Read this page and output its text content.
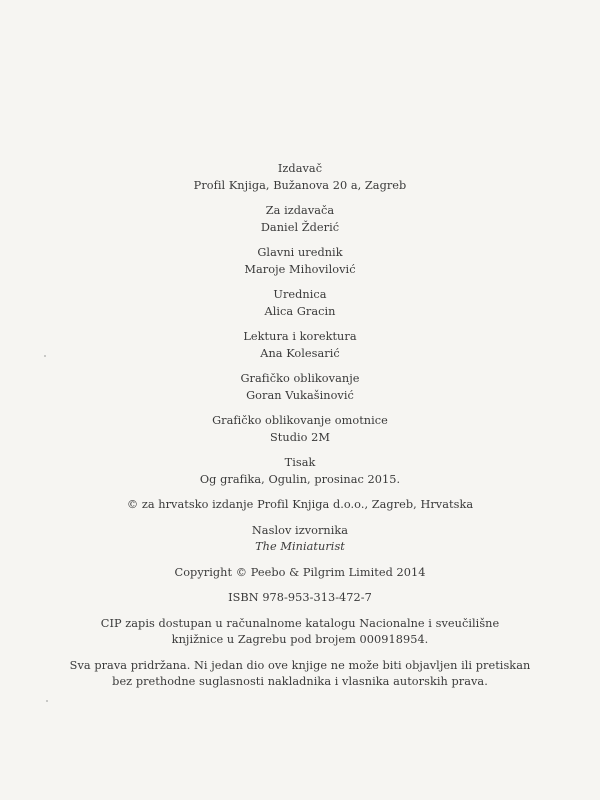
Izdavač
Profil Knjiga, Bužanova 20 a, Zagreb
Za izdavača
Daniel Žderić
Glavni urednik
Maroje Mihovilović
Urednica
Alica Gracin
Lektura i korektura
Ana Kolesarić
Grafičko oblikovanje
Goran Vukašinović
Grafičko oblikovanje omotnice
Studio 2M
Tisak
Og grafika, Ogulin, prosinac 2015.
© za hrvatsko izdanje Profil Knjiga d.o.o., Zagreb, Hrvatska
Naslov izvornika
The Miniaturist
Copyright © Peebo & Pilgrim Limited 2014
ISBN 978-953-313-472-7
CIP zapis dostupan u računalnome katalogu Nacionalne i sveučilišne
knjižnice u Zagrebu pod brojem 000918954.
Sva prava pridržana. Ni jedan dio ove knjige ne može biti objavljen ili pretiskan
bez prethodne suglasnosti nakladnika i vlasnika autorskih prava.
